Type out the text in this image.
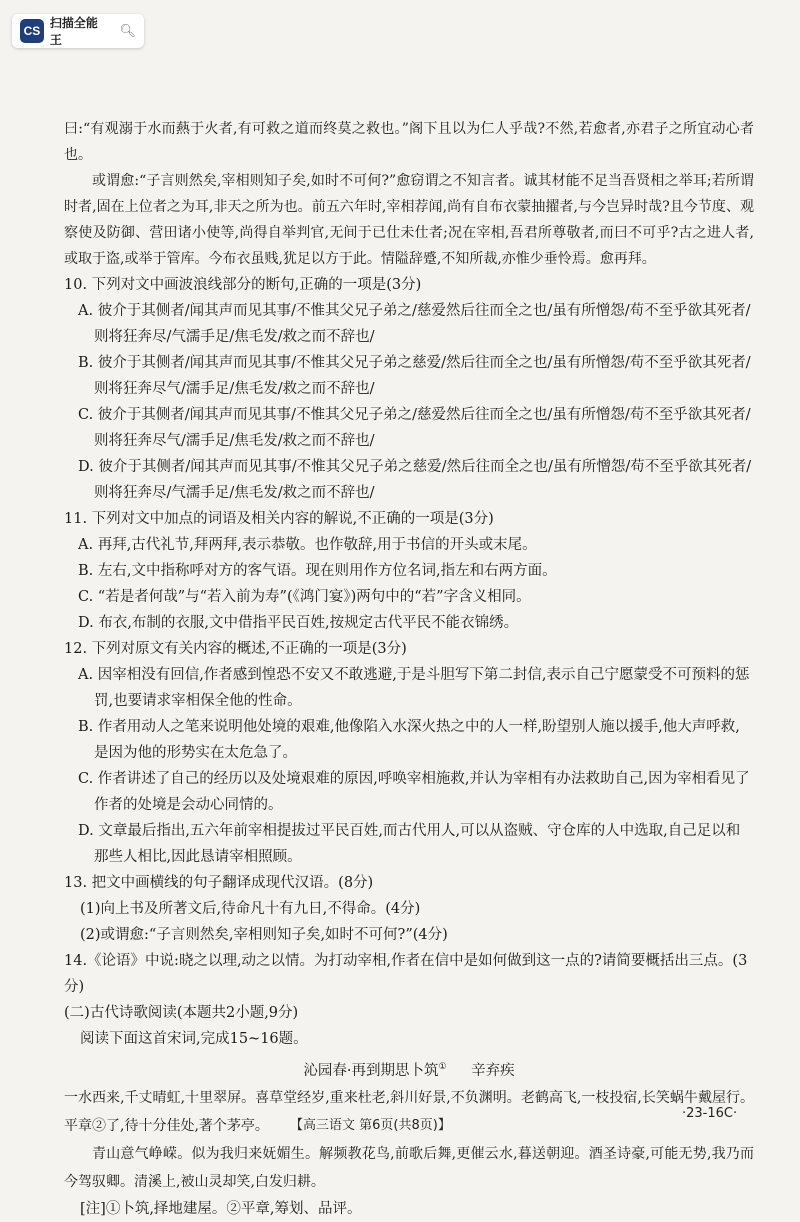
CS
扫描全能王
🔍︎

曰:“有观溺于水而爇于火者,有可救之道而终莫之救也。”阁下且以为仁人乎哉?不然,若愈者,亦君子之所宜动心者也。

或谓愈:“子言则然矣,宰相则知子矣,如时不可何?”愈窃谓之不知言者。诚其材能不足当吾贤相之举耳;若所谓时者,固在上位者之为耳,非天之所为也。前五六年时,宰相荐闻,尚有自布衣蒙抽擢者,与今岂异时哉?且今节度、观察使及防御、营田诸小使等,尚得自举判官,无间于已仕未仕者;况在宰相,吾君所尊敬者,而曰不可乎?古之进人者,或取于盗,或举于管库。今布衣虽贱,犹足以方于此。情隘辞蹙,不知所裁,亦惟少垂怜焉。愈再拜。

10. 下列对文中画波浪线部分的断句,正确的一项是(3分)

A. 彼介于其侧者/闻其声而见其事/不惟其父兄子弟之/慈爱然后往而全之也/虽有所憎怨/苟不至乎欲其死者/则将狂奔尽/气濡手足/焦毛发/救之而不辞也/

B. 彼介于其侧者/闻其声而见其事/不惟其父兄子弟之慈爱/然后往而全之也/虽有所憎怨/苟不至乎欲其死者/则将狂奔尽气/濡手足/焦毛发/救之而不辞也/

C. 彼介于其侧者/闻其声而见其事/不惟其父兄子弟之/慈爱然后往而全之也/虽有所憎怨/苟不至乎欲其死者/则将狂奔尽气/濡手足/焦毛发/救之而不辞也/

D. 彼介于其侧者/闻其声而见其事/不惟其父兄子弟之慈爱/然后往而全之也/虽有所憎怨/苟不至乎欲其死者/则将狂奔尽/气濡手足/焦毛发/救之而不辞也/

11. 下列对文中加点的词语及相关内容的解说,不正确的一项是(3分)

A. 再拜,古代礼节,拜两拜,表示恭敬。也作敬辞,用于书信的开头或末尾。

B. 左右,文中指称呼对方的客气语。现在则用作方位名词,指左和右两方面。

C. “若是者何哉”与“若入前为寿”(《鸿门宴》)两句中的“若”字含义相同。

D. 布衣,布制的衣服,文中借指平民百姓,按规定古代平民不能衣锦绣。

12. 下列对原文有关内容的概述,不正确的一项是(3分)

A. 因宰相没有回信,作者感到惶恐不安又不敢逃避,于是斗胆写下第二封信,表示自己宁愿蒙受不可预料的惩罚,也要请求宰相保全他的性命。

B. 作者用动人之笔来说明他处境的艰难,他像陷入水深火热之中的人一样,盼望别人施以援手,他大声呼救,是因为他的形势实在太危急了。

C. 作者讲述了自己的经历以及处境艰难的原因,呼唤宰相施救,并认为宰相有办法救助自己,因为宰相看见了作者的处境是会动心同情的。

D. 文章最后指出,五六年前宰相提拔过平民百姓,而古代用人,可以从盗贼、守仓库的人中选取,自己足以和那些人相比,因此恳请宰相照顾。

13. 把文中画横线的句子翻译成现代汉语。(8分)

(1)向上书及所著文后,待命凡十有九日,不得命。(4分)

(2)或谓愈:“子言则然矣,宰相则知子矣,如时不可何?”(4分)

14.《论语》中说:晓之以理,动之以情。为打动宰相,作者在信中是如何做到这一点的?请简要概括出三点。(3分)

(二)古代诗歌阅读(本题共2小题,9分)

阅读下面这首宋词,完成15~16题。

沁园春·再到期思卜筑① 辛弃疾

一水西来,千丈晴虹,十里翠屏。喜草堂经岁,重来杜老,斜川好景,不负渊明。老鹤高飞,一枝投宿,长笑蜗牛戴屋行。平章②了,待十分佳处,著个茅亭。

青山意气峥嵘。似为我归来妩媚生。解频教花鸟,前歌后舞,更催云水,暮送朝迎。酒圣诗豪,可能无势,我乃而今驾驭卿。清溪上,被山灵却笑,白发归耕。

[注]①卜筑,择地建屋。②平章,筹划、品评。

【高三语文 第6页(共8页)】
·23-16C·
